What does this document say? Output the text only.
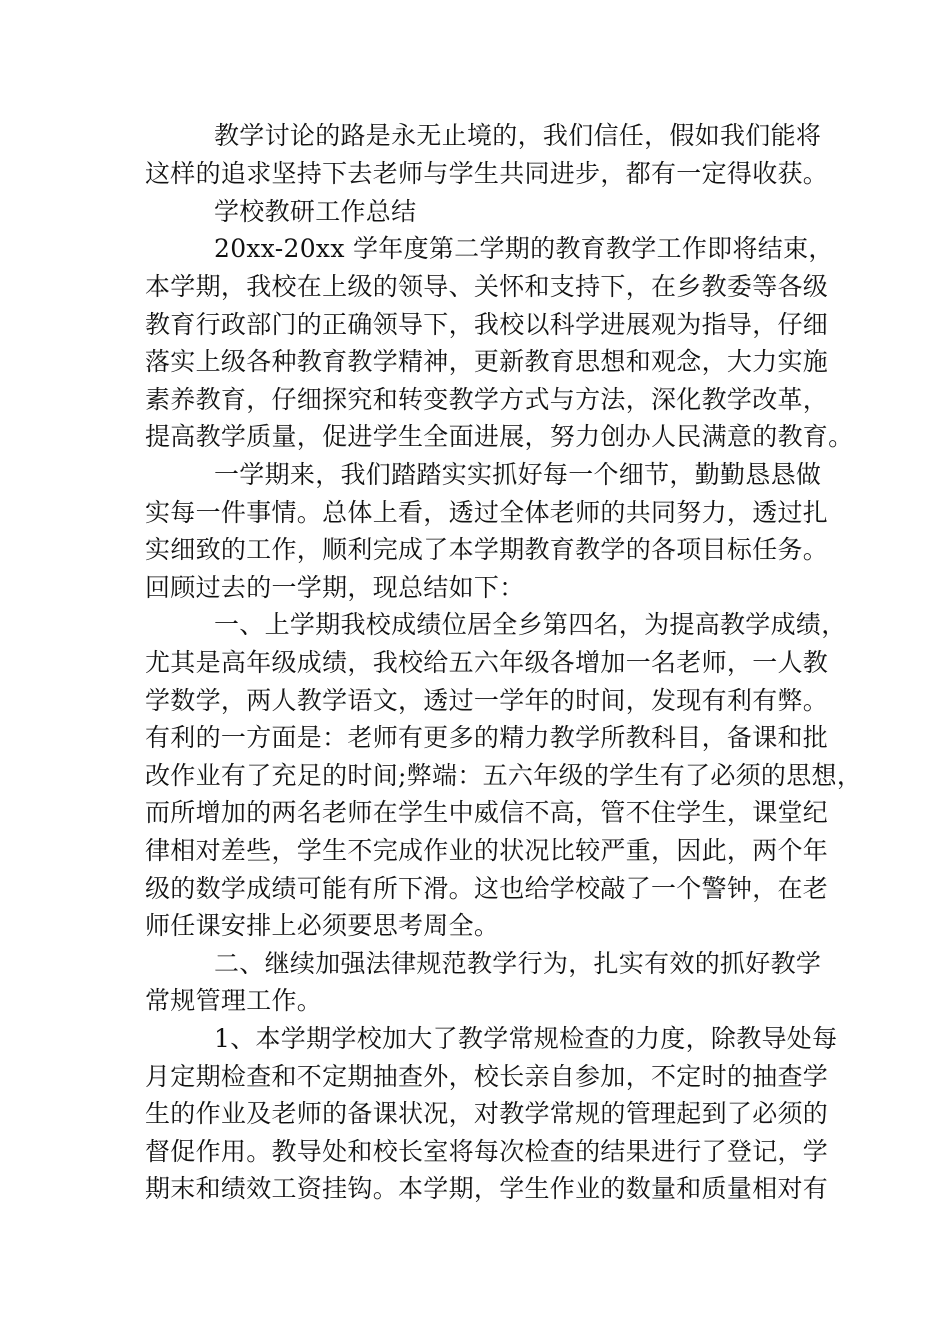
教学讨论的路是永无止境的，我们信任，假如我们能将
这样的追求坚持下去老师与学生共同进步，都有一定得收获。
学校教研工作总结
20xx-20xx 学年度第二学期的教育教学工作即将结束，
本学期，我校在上级的领导、关怀和支持下，在乡教委等各级
教育行政部门的正确领导下，我校以科学进展观为指导，仔细
落实上级各种教育教学精神，更新教育思想和观念，大力实施
素养教育，仔细探究和转变教学方式与方法，深化教学改革，
提高教学质量，促进学生全面进展，努力创办人民满意的教育。
一学期来，我们踏踏实实抓好每一个细节，勤勤恳恳做
实每一件事情。总体上看，透过全体老师的共同努力，透过扎
实细致的工作，顺利完成了本学期教育教学的各项目标任务。
回顾过去的一学期，现总结如下：
一、上学期我校成绩位居全乡第四名，为提高教学成绩，
尤其是高年级成绩，我校给五六年级各增加一名老师，一人教
学数学，两人教学语文，透过一学年的时间，发现有利有弊。
有利的一方面是：老师有更多的精力教学所教科目，备课和批
改作业有了充足的时间;弊端：五六年级的学生有了必须的思想，
而所增加的两名老师在学生中威信不高，管不住学生，课堂纪
律相对差些，学生不完成作业的状况比较严重，因此，两个年
级的数学成绩可能有所下滑。这也给学校敲了一个警钟，在老
师任课安排上必须要思考周全。
二、继续加强法律规范教学行为，扎实有效的抓好教学
常规管理工作。
1、本学期学校加大了教学常规检查的力度，除教导处每
月定期检查和不定期抽查外，校长亲自参加，不定时的抽查学
生的作业及老师的备课状况，对教学常规的管理起到了必须的
督促作用。教导处和校长室将每次检查的结果进行了登记，学
期末和绩效工资挂钩。本学期，学生作业的数量和质量相对有
